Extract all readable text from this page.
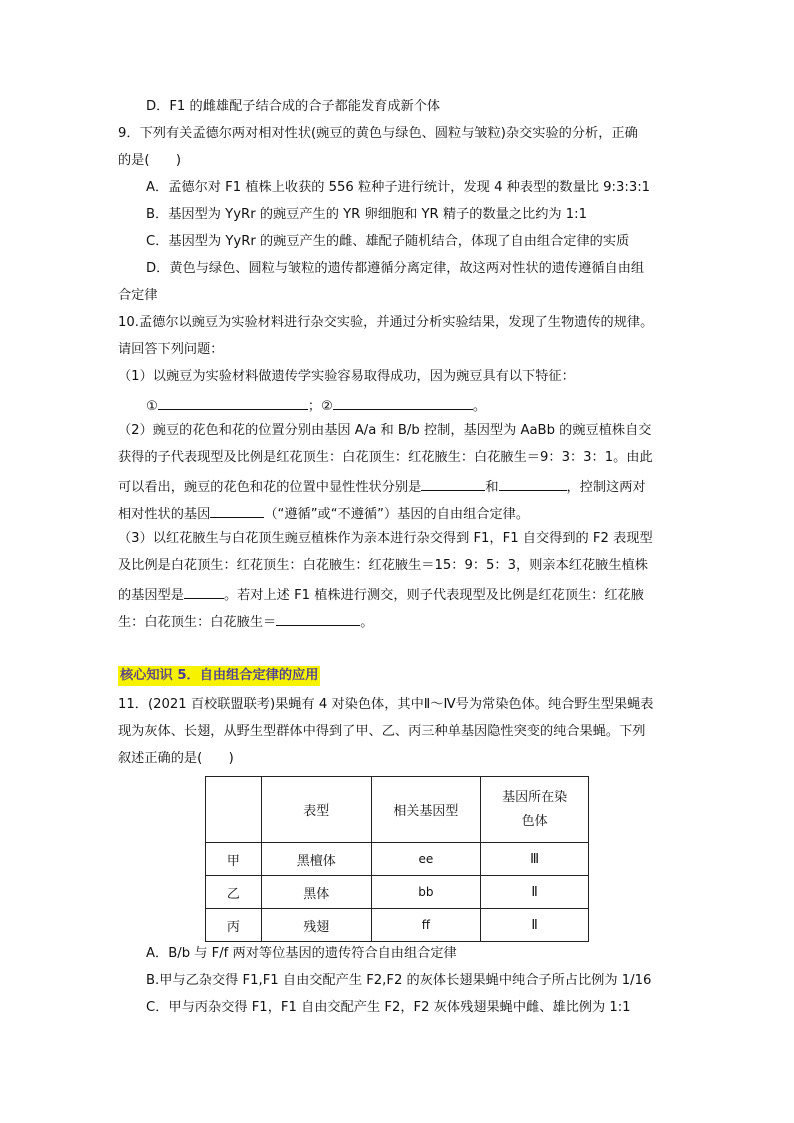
D．F1 的雌雄配子结合成的合子都能发育成新个体
9．下列有关孟德尔两对相对性状(豌豆的黄色与绿色、圆粒与皱粒)杂交实验的分析，正确
的是(　　)
A．孟德尔对 F1 植株上收获的 556 粒种子进行统计，发现 4 种表型的数量比 9:3:3:1
B．基因型为 YyRr 的豌豆产生的 YR 卵细胞和 YR 精子的数量之比约为 1:1
C．基因型为 YyRr 的豌豆产生的雌、雄配子随机结合，体现了自由组合定律的实质
D．黄色与绿色、圆粒与皱粒的遗传都遵循分离定律，故这两对性状的遗传遵循自由组
合定律
10.孟德尔以豌豆为实验材料进行杂交实验，并通过分析实验结果，发现了生物遗传的规律。
请回答下列问题：
（1）以豌豆为实验材料做遗传学实验容易取得成功，因为豌豆具有以下特征：
①	；②	。
（2）豌豆的花色和花的位置分别由基因 A/a 和 B/b 控制，基因型为 AaBb 的豌豆植株自交
获得的子代表现型及比例是红花顶生：白花顶生：红花腋生：白花腋生＝9：3：3：1。由此
可以看出，豌豆的花色和花的位置中显性性状分别是	和	，控制这两对
相对性状的基因	（“遵循”或“不遵循”）基因的自由组合定律。
（3）以红花腋生与白花顶生豌豆植株作为亲本进行杂交得到 F1，F1 自交得到的 F2 表现型
及比例是白花顶生：红花顶生：白花腋生：红花腋生＝15：9：5：3，则亲本红花腋生植株
的基因型是	。若对上述 F1 植株进行测交，则子代表现型及比例是红花顶生：红花腋
生：白花顶生：白花腋生＝	。
核心知识 5．自由组合定律的应用
11．(2021 百校联盟联考)果蝇有 4 对染色体，其中Ⅱ～Ⅳ号为常染色体。纯合野生型果蝇表
现为灰体、长翅，从野生型群体中得到了甲、乙、丙三种单基因隐性突变的纯合果蝇。下列
叙述正确的是(　　)
	表型	相关基因型	基因所在染
色体

甲	黑檀体	ee	Ⅲ
乙	黑体	bb	Ⅱ
丙	残翅	ff	Ⅱ
A．B/b 与 F/f 两对等位基因的遗传符合自由组合定律
B.甲与乙杂交得 F1,F1 自由交配产生 F2,F2 的灰体长翅果蝇中纯合子所占比例为 1/16
C．甲与丙杂交得 F1，F1 自由交配产生 F2，F2 灰体残翅果蝇中雌、雄比例为 1:1
